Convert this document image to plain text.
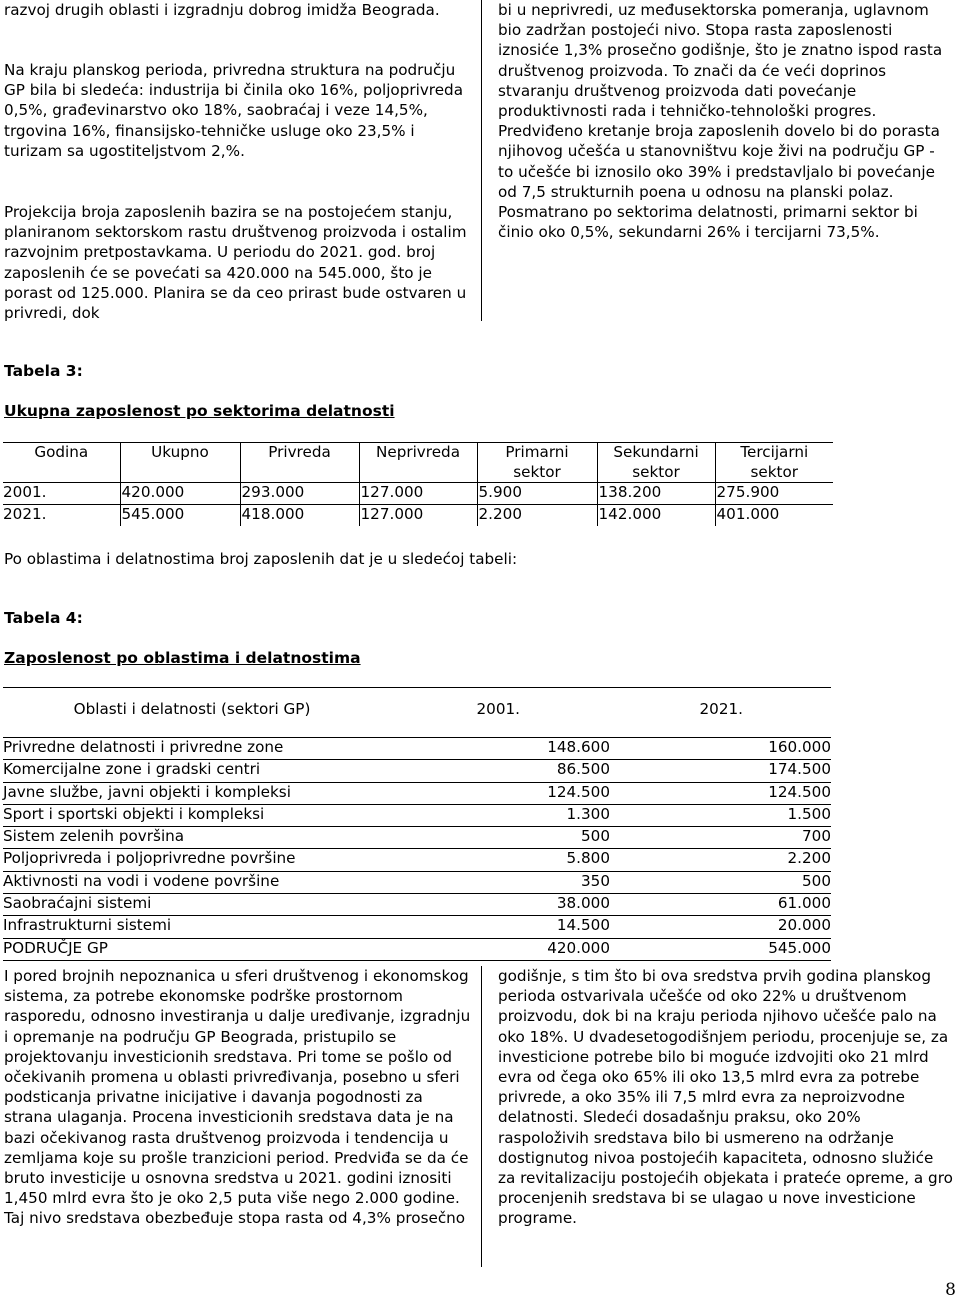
razvoj drugih oblasti i izgradnju dobrog imidža Beograda.

Na kraju planskog perioda, privredna struktura na području GP bila bi sledeća: industrija bi činila oko 16%, poljoprivreda 0,5%, građevinarstvo oko 18%, saobraćaj i veze 14,5%, trgovina 16%, finansijsko-tehničke usluge oko 23,5% i turizam sa ugostiteljstvom 2,%.

Projekcija broja zaposlenih bazira se na postojećem stanju, planiranom sektorskom rastu društvenog proizvoda i ostalim razvojnim pretpostavkama. U periodu do 2021. god. broj zaposlenih će se povećati sa 420.000 na 545.000, što je porast od 125.000. Planira se da ceo prirast bude ostvaren u privredi, dok

bi u neprivredi, uz međusektorska pomeranja, uglavnom bio zadržan postojeći nivo. Stopa rasta zaposlenosti iznosiće 1,3% prosečno godišnje, što je znatno ispod rasta društvenog proizvoda. To znači da će veći doprinos stvaranju društvenog proizvoda dati povećanje produktivnosti rada i tehničko-tehnološki progres. Predviđeno kretanje broja zaposlenih dovelo bi do porasta njihovog učešća u stanovništvu koje živi na području GP - to učešće bi iznosilo oko 39% i predstavljalo bi povećanje od 7,5 strukturnih poena u odnosu na planski polaz. Posmatrano po sektorima delatnosti, primarni sektor bi činio oko 0,5%, sekundarni 26% i tercijarni 73,5%.

Tabela 3:
Ukupna zaposlenost po sektorima delatnosti
Godina	Ukupno	Privreda	Neprivreda	Primarni sektor	Sekundarni sektor	Tercijarni sektor
2001.	420.000	293.000	127.000	5.900	138.200	275.900
2021.	545.000	418.000	127.000	2.200	142.000	401.000

Po oblastima i delatnostima broj zaposlenih dat je u sledećoj tabeli:

Tabela 4:
Zaposlenost po oblastima i delatnostima
Oblasti i delatnosti (sektori GP)	2001.	2021.
Privredne delatnosti i privredne zone	148.600	160.000
Komercijalne zone i gradski centri	86.500	174.500
Javne službe, javni objekti i kompleksi	124.500	124.500
Sport i sportski objekti i kompleksi	1.300	1.500
Sistem zelenih površina	500	700
Poljoprivreda i poljoprivredne površine	5.800	2.200
Aktivnosti na vodi i vodene površine	350	500
Saobraćajni sistemi	38.000	61.000
Infrastrukturni sistemi	14.500	20.000
PODRUČJE GP	420.000	545.000

I pored brojnih nepoznanica u sferi društvenog i ekonomskog sistema, za potrebe ekonomske podrške prostornom rasporedu, odnosno investiranja u dalje uređivanje, izgradnju i opremanje na području GP Beograda, pristupilo se projektovanju investicionih sredstava. Pri tome se pošlo od očekivanih promena u oblasti privređivanja, posebno u sferi podsticanja privatne inicijative i davanja pogodnosti za strana ulaganja. Procena investicionih sredstava data je na bazi očekivanog rasta društvenog proizvoda i tendencija u zemljama koje su prošle tranzicioni period. Predviđa se da će bruto investicije u osnovna sredstva u 2021. godini iznositi 1,450 mlrd evra što je oko 2,5 puta više nego 2.000 godine. Taj nivo sredstava obezbeđuje stopa rasta od 4,3% prosečno

godišnje, s tim što bi ova sredstva prvih godina planskog perioda ostvarivala učešće od oko 22% u društvenom proizvodu, dok bi na kraju perioda njihovo učešće palo na oko 18%. U dvadesetogodišnjem periodu, procenjuje se, za investicione potrebe bilo bi moguće izdvojiti oko 21 mlrd evra od čega oko 65% ili oko 13,5 mlrd evra za potrebe privrede, a oko 35% ili 7,5 mlrd evra za neproizvodne delatnosti. Sledeći dosadašnju praksu, oko 20% raspoloživih sredstava bilo bi usmereno na održanje dostignutog nivoa postojećih kapaciteta, odnosno služiće za revitalizaciju postojećih objekata i prateće opreme, a gro procenjenih sredstava bi se ulagao u nove investicione programe.

8
